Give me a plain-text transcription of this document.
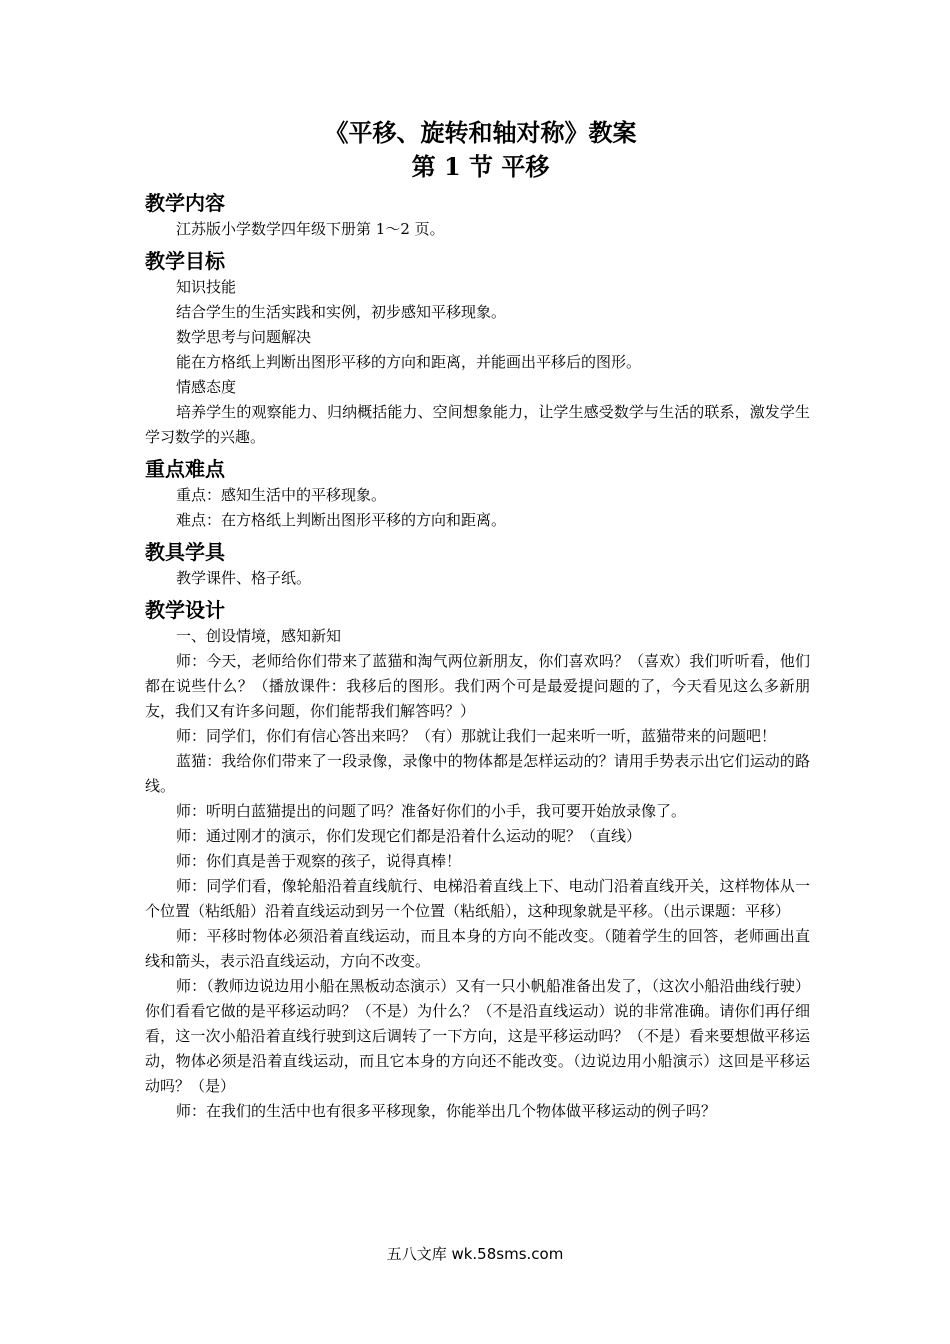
《平移、旋转和轴对称》教案
第 1 节 平移
教学内容

江苏版小学数学四年级下册第 1～2 页。

教学目标

知识技能

结合学生的生活实践和实例，初步感知平移现象。

数学思考与问题解决

能在方格纸上判断出图形平移的方向和距离，并能画出平移后的图形。

情感态度

培养学生的观察能力、归纳概括能力、空间想象能力，让学生感受数学与生活的联系，激发学生学习数学的兴趣。

重点难点

重点：感知生活中的平移现象。

难点：在方格纸上判断出图形平移的方向和距离。

教具学具

教学课件、格子纸。

教学设计

一、创设情境，感知新知

师：今天，老师给你们带来了蓝猫和淘气两位新朋友，你们喜欢吗？（喜欢）我们听听看，他们都在说些什么？（播放课件：我移后的图形。我们两个可是最爱提问题的了，今天看见这么多新朋友，我们又有许多问题，你们能帮我们解答吗？）

师：同学们，你们有信心答出来吗？（有）那就让我们一起来听一听，蓝猫带来的问题吧！

蓝猫：我给你们带来了一段录像，录像中的物体都是怎样运动的？请用手势表示出它们运动的路线。

师：听明白蓝猫提出的问题了吗？准备好你们的小手，我可要开始放录像了。

师：通过刚才的演示，你们发现它们都是沿着什么运动的呢？（直线）

师：你们真是善于观察的孩子，说得真棒！

师：同学们看，像轮船沿着直线航行、电梯沿着直线上下、电动门沿着直线开关，这样物体从一个位置（粘纸船）沿着直线运动到另一个位置（粘纸船），这种现象就是平移。（出示课题：平移）

师：平移时物体必须沿着直线运动，而且本身的方向不能改变。（随着学生的回答，老师画出直线和箭头，表示沿直线运动，方向不改变。

师：（教师边说边用小船在黑板动态演示）又有一只小帆船准备出发了，（这次小船沿曲线行驶）你们看看它做的是平移运动吗？（不是）为什么？（不是沿直线运动）说的非常准确。请你们再仔细看，这一次小船沿着直线行驶到这后调转了一下方向，这是平移运动吗？（不是）看来要想做平移运动，物体必须是沿着直线运动，而且它本身的方向还不能改变。（边说边用小船演示）这回是平移运动吗？（是）

师：在我们的生活中也有很多平移现象，你能举出几个物体做平移运动的例子吗？

五八文库 wk.58sms.com
